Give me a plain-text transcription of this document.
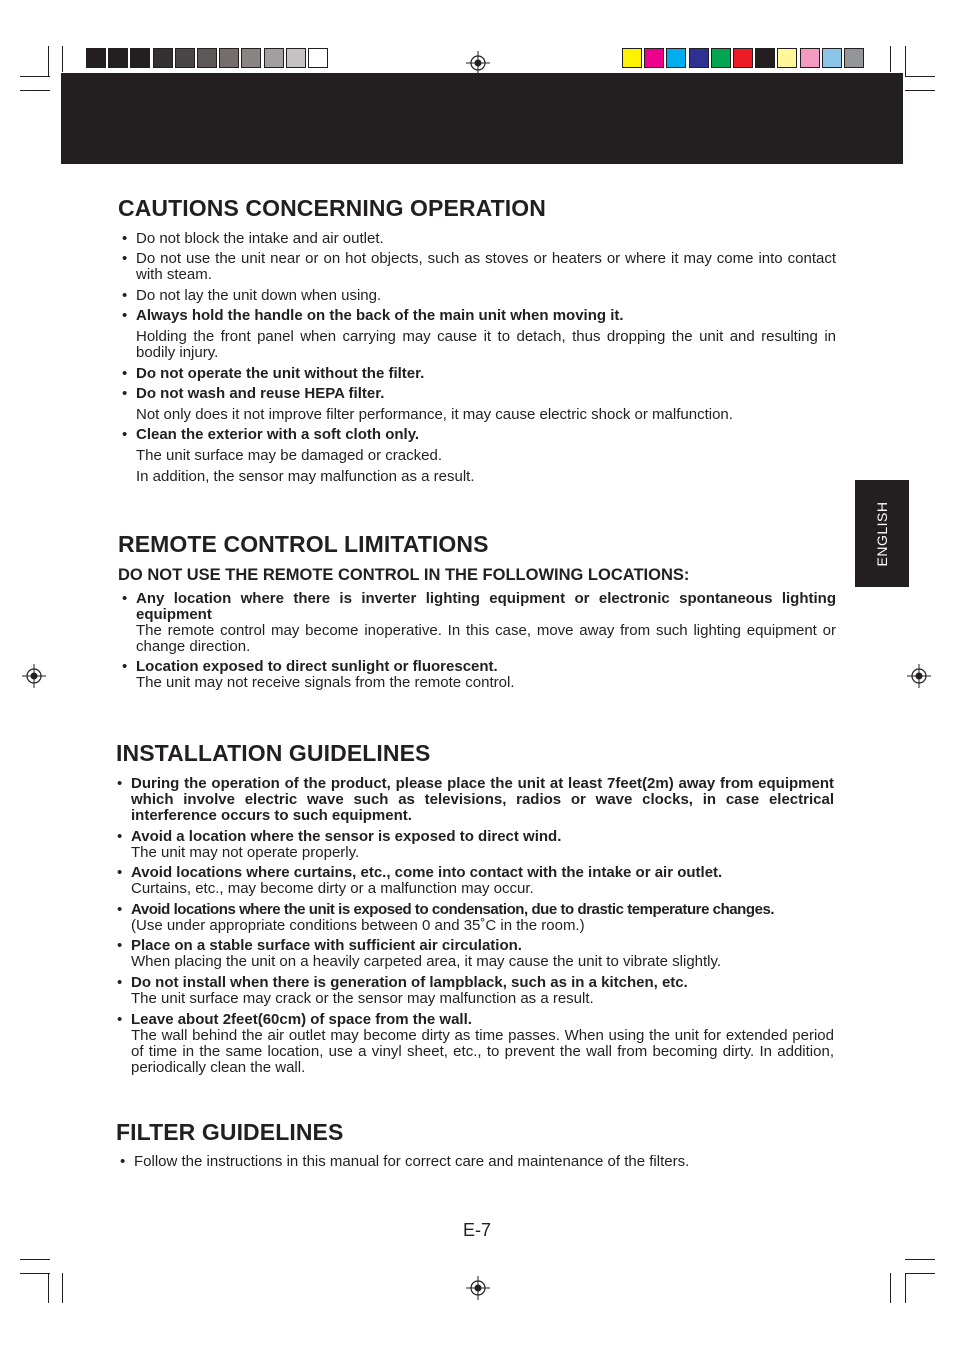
ENGLISH
CAUTIONS CONCERNING OPERATION
• Do not block the intake and air outlet.
• Do not use the unit near or on hot objects, such as stoves or heaters or where it may come into contact with steam.
• Do not lay the unit down when using.
• Always hold the handle on the back of the main unit when moving it.
Holding the front panel when carrying may cause it to detach, thus dropping the unit and resulting in bodily injury.
• Do not operate the unit without the filter.
• Do not wash and reuse HEPA filter.
Not only does it not improve filter performance, it may cause electric shock or malfunction.
• Clean the exterior with a soft cloth only.
The unit surface may be damaged or cracked.
In addition, the sensor may malfunction as a result.
REMOTE CONTROL LIMITATIONS
DO NOT USE THE REMOTE CONTROL IN THE FOLLOWING LOCATIONS:
• Any location where there is inverter lighting equipment or electronic spontaneous lighting equipment
The remote control may become inoperative. In this case, move away from such lighting equipment or change direction.
• Location exposed to direct sunlight or fluorescent.
The unit may not receive signals from the remote control.
INSTALLATION GUIDELINES
• During the operation of the product, please place the unit at least 7feet(2m) away from equipment which involve electric wave such as televisions, radios or wave clocks, in case electrical interference occurs to such equipment.
• Avoid a location where the sensor is exposed to direct wind.
The unit may not operate properly.
• Avoid locations where curtains, etc., come into contact with the intake or air outlet.
Curtains, etc., may become dirty or a malfunction may occur.
• Avoid locations where the unit is exposed to condensation, due to drastic temperature changes.
(Use under appropriate conditions between 0 and 35˚C in the room.)
• Place on a stable surface with sufficient air circulation.
When placing the unit on a heavily carpeted area, it may cause the unit to vibrate slightly.
• Do not install when there is generation of lampblack, such as in a kitchen, etc.
The unit surface may crack or the sensor may malfunction as a result.
• Leave about 2feet(60cm) of space from the wall.
The wall behind the air outlet may become dirty as time passes. When using the unit for extended period of time in the same location, use a vinyl sheet, etc., to prevent the wall from becoming dirty. In addition, periodically clean the wall.
FILTER GUIDELINES
• Follow the instructions in this manual for correct care and maintenance of the filters.
E-7
